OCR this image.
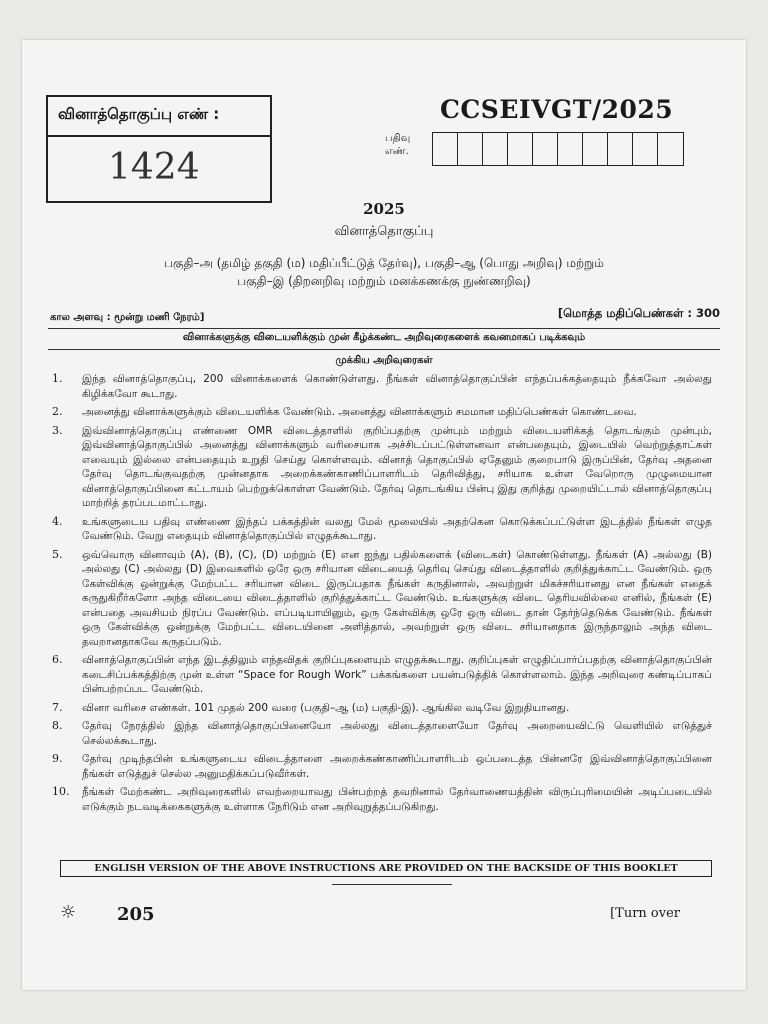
வினாத்தொகுப்பு எண் :
1424
CCSEIVGT/2025
பதிவு எண்.
2025
வினாத்தொகுப்பு
பகுதி–அ (தமிழ் தகுதி (ம) மதிப்பீட்டுத் தேர்வு), பகுதி–ஆ (பொது அறிவு) மற்றும்
பகுதி–இ (திறனறிவு மற்றும் மனக்கணக்கு நுண்ணறிவு)
கால அளவு : மூன்று மணி நேரம்]	[மொத்த மதிப்பெண்கள் : 300
வினாக்களுக்கு விடையளிக்கும் முன் கீழ்க்கண்ட அறிவுரைகளைக் கவனமாகப் படிக்கவும்
முக்கிய அறிவுரைகள்
1.	இந்த வினாத்தொகுப்பு, 200 வினாக்களைக் கொண்டுள்ளது. நீங்கள் வினாத்தொகுப்பின் எந்தப்பக்கத்தையும் நீக்கவோ அல்லது கிழிக்கவோ கூடாது.
2.	அனைத்து வினாக்களுக்கும் விடையளிக்க வேண்டும். அனைத்து வினாக்களும் சமமான மதிப்பெண்கள் கொண்டவை.
3.	இவ்வினாத்தொகுப்பு எண்ணை OMR விடைத்தாளில் குறிப்பதற்கு முன்பும் மற்றும் விடையளிக்கத் தொடங்கும் முன்பும், இவ்வினாத்தொகுப்பில் அனைத்து வினாக்களும் வரிசையாக அச்சிடப்பட்டுள்ளனவா என்பதையும், இடையில் வெற்றுத்தாட்கள் எவையும் இல்லை என்பதையும் உறுதி செய்து கொள்ளவும். வினாத் தொகுப்பில் ஏதேனும் குறைபாடு இருப்பின், தேர்வு அதனை தேர்வு தொடங்குவதற்கு முன்னதாக அறைக்கண்காணிப்பாளரிடம் தெரிவித்து, சரியாக உள்ள வேறொரு முழுமையான வினாத்தொகுப்பினை கட்டாயம் பெற்றுக்கொள்ள வேண்டும். தேர்வு தொடங்கிய பின்பு இது குறித்து முறையிட்டால் வினாத்தொகுப்பு மாற்றித் தரப்படமாட்டாது.
4.	உங்களுடைய பதிவு எண்ணை இந்தப் பக்கத்தின் வலது மேல் மூலையில் அதற்கென கொடுக்கப்பட்டுள்ள இடத்தில் நீங்கள் எழுத வேண்டும். வேறு எதையும் வினாத்தொகுப்பில் எழுதக்கூடாது.
5.	ஒவ்வொரு வினாவும் (A), (B), (C), (D) மற்றும் (E) என ஐந்து பதில்களைக் (விடைகள்) கொண்டுள்ளது. நீங்கள் (A) அல்லது (B) அல்லது (C) அல்லது (D) இவைகளில் ஒரே ஒரு சரியான விடையைத் தெரிவு செய்து விடைத்தாளில் குறித்துக்காட்ட வேண்டும். ஒரு கேள்விக்கு ஒன்றுக்கு மேற்பட்ட சரியான விடை இருப்பதாக நீங்கள் கருதினால், அவற்றுள் மிகச்சரியானது என நீங்கள் எதைக் கருதுகிறீர்களோ அந்த விடையை விடைத்தாளில் குறித்துக்காட்ட வேண்டும். உங்களுக்கு விடை தெரியவில்லை எனில், நீங்கள் (E) என்பதை அவசியம் நிரப்ப வேண்டும். எப்படியாயினும், ஒரு கேள்விக்கு ஒரே ஒரு விடை தான் தேர்ந்தெடுக்க வேண்டும். நீங்கள் ஒரு கேள்விக்கு ஒன்றுக்கு மேற்பட்ட விடையினை அளித்தால், அவற்றுள் ஒரு விடை சரியானதாக இருந்தாலும் அந்த விடை தவறானதாகவே கருதப்படும்.
6.	வினாத்தொகுப்பின் எந்த இடத்திலும் எந்தவிதக் குறிப்புகளையும் எழுதக்கூடாது. குறிப்புகள் எழுதிப்பார்ப்பதற்கு வினாத்தொகுப்பின் கடைசிப்பக்கத்திற்கு முன் உள்ள “Space for Rough Work” பக்கங்களை பயன்படுத்திக் கொள்ளலாம். இந்த அறிவுரை கண்டிப்பாகப் பின்பற்றப்பட வேண்டும்.
7.	வினா வரிசை எண்கள். 101 முதல் 200 வரை (பகுதி–ஆ (ம) பகுதி-இ). ஆங்கில வடிவே இறுதியானது.
8.	தேர்வு நேரத்தில் இந்த வினாத்தொகுப்பினையோ அல்லது விடைத்தாளையோ தேர்வு அறையைவிட்டு வெளியில் எடுத்துச் செல்லக்கூடாது.
9.	தேர்வு முடிந்தபின் உங்களுடைய விடைத்தாளை அறைக்கண்காணிப்பாளரிடம் ஒப்படைத்த பின்னரே இவ்வினாத்தொகுப்பினை நீங்கள் எடுத்துச் செல்ல அனுமதிக்கப்படுவீர்கள்.
10.	நீங்கள் மேற்கண்ட அறிவுரைகளில் எவற்றையாவது பின்பற்றத் தவறினால் தேர்வாணையத்தின் விருப்புரிமையின் அடிப்படையில் எடுக்கும் நடவடிக்கைகளுக்கு உள்ளாக நேரிடும் என அறிவுறுத்தப்படுகிறது.
ENGLISH VERSION OF THE ABOVE INSTRUCTIONS ARE PROVIDED ON THE BACKSIDE OF THIS BOOKLET
☼ 205	[Turn over
